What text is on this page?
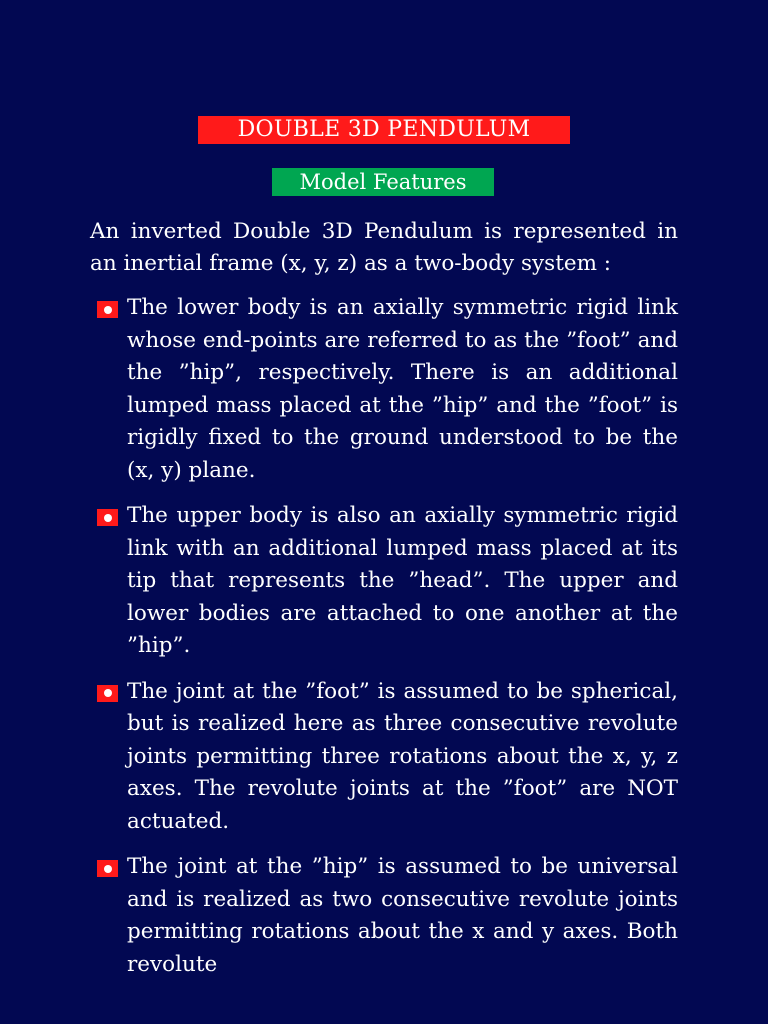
DOUBLE 3D PENDULUM
Model Features
An inverted Double 3D Pendulum is represented in an inertial frame (x, y, z) as a two-body system :
The lower body is an axially symmetric rigid link whose end-points are referred to as the ”foot” and the ”hip”, respectively. There is an additional lumped mass placed at the ”hip” and the ”foot” is rigidly fixed to the ground understood to be the (x, y) plane.
The upper body is also an axially symmetric rigid link with an additional lumped mass placed at its tip that represents the ”head”. The upper and lower bodies are attached to one another at the ”hip”.
The joint at the ”foot” is assumed to be spherical, but is realized here as three consecutive revolute joints permitting three rotations about the x, y, z axes. The revolute joints at the ”foot” are NOT actuated.
The joint at the ”hip” is assumed to be universal and is realized as two consecutive revolute joints permitting rotations about the x and y axes. Both revolute
